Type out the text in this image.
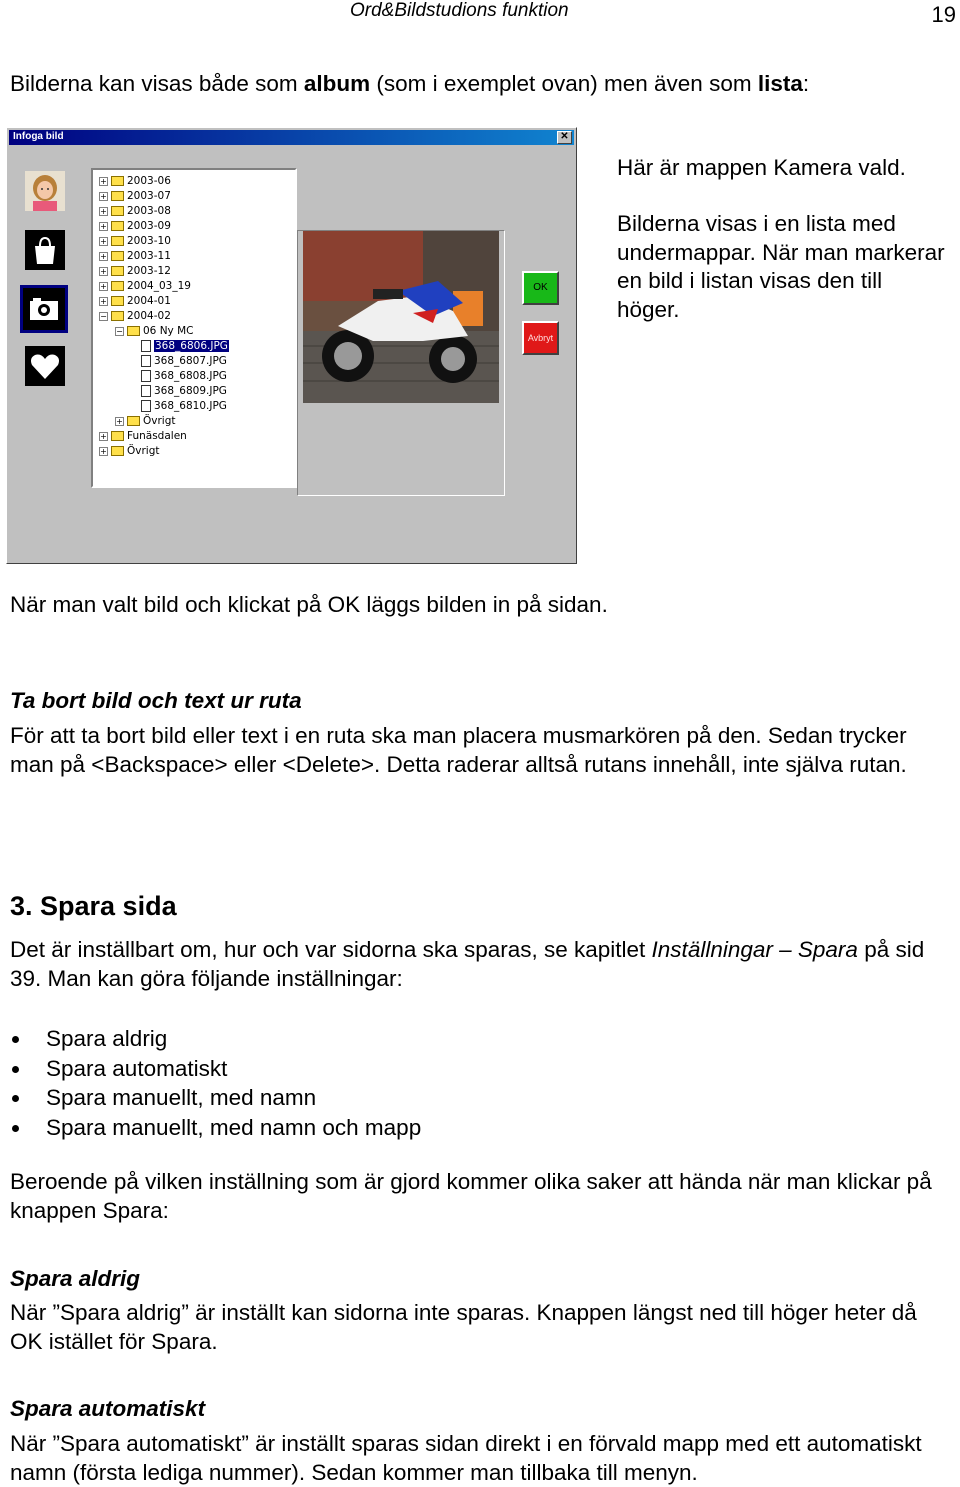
Ord&Bildstudions funktion	19

Bilderna kan visas både som album (som i exemplet ovan) men även som lista:

Infoga bild	✕
+ 2003-06
+ 2003-07
+ 2003-08
+ 2003-09
+ 2003-10
+ 2003-11
+ 2003-12
+ 2004_03_19
+ 2004-01
− 2004-02
− 06 Ny MC
368_6806.JPG
368_6807.JPG
368_6808.JPG
368_6809.JPG
368_6810.JPG
+ Övrigt
+ Funäsdalen
+ Övrigt
OK
Avbryt

Här är mappen Kamera vald.

Bilderna visas i en lista med undermappar. När man markerar en bild i listan visas den till höger.

När man valt bild och klickat på OK läggs bilden in på sidan.

Ta bort bild och text ur ruta

För att ta bort bild eller text i en ruta ska man placera musmarkören på den. Sedan trycker man på <Backspace> eller <Delete>. Detta raderar alltså rutans innehåll, inte själva rutan.

3. Spara sida

Det är inställbart om, hur och var sidorna ska sparas, se kapitlet Inställningar – Spara på sid 39. Man kan göra följande inställningar:

Spara aldrig
Spara automatiskt
Spara manuellt, med namn
Spara manuellt, med namn och mapp

Beroende på vilken inställning som är gjord kommer olika saker att hända när man klickar på knappen Spara:

Spara aldrig

När ”Spara aldrig” är inställt kan sidorna inte sparas. Knappen längst ned till höger heter då OK istället för Spara.

Spara automatiskt

När ”Spara automatiskt” är inställt sparas sidan direkt i en förvald mapp med ett automatiskt namn (första lediga nummer). Sedan kommer man tillbaka till menyn.
